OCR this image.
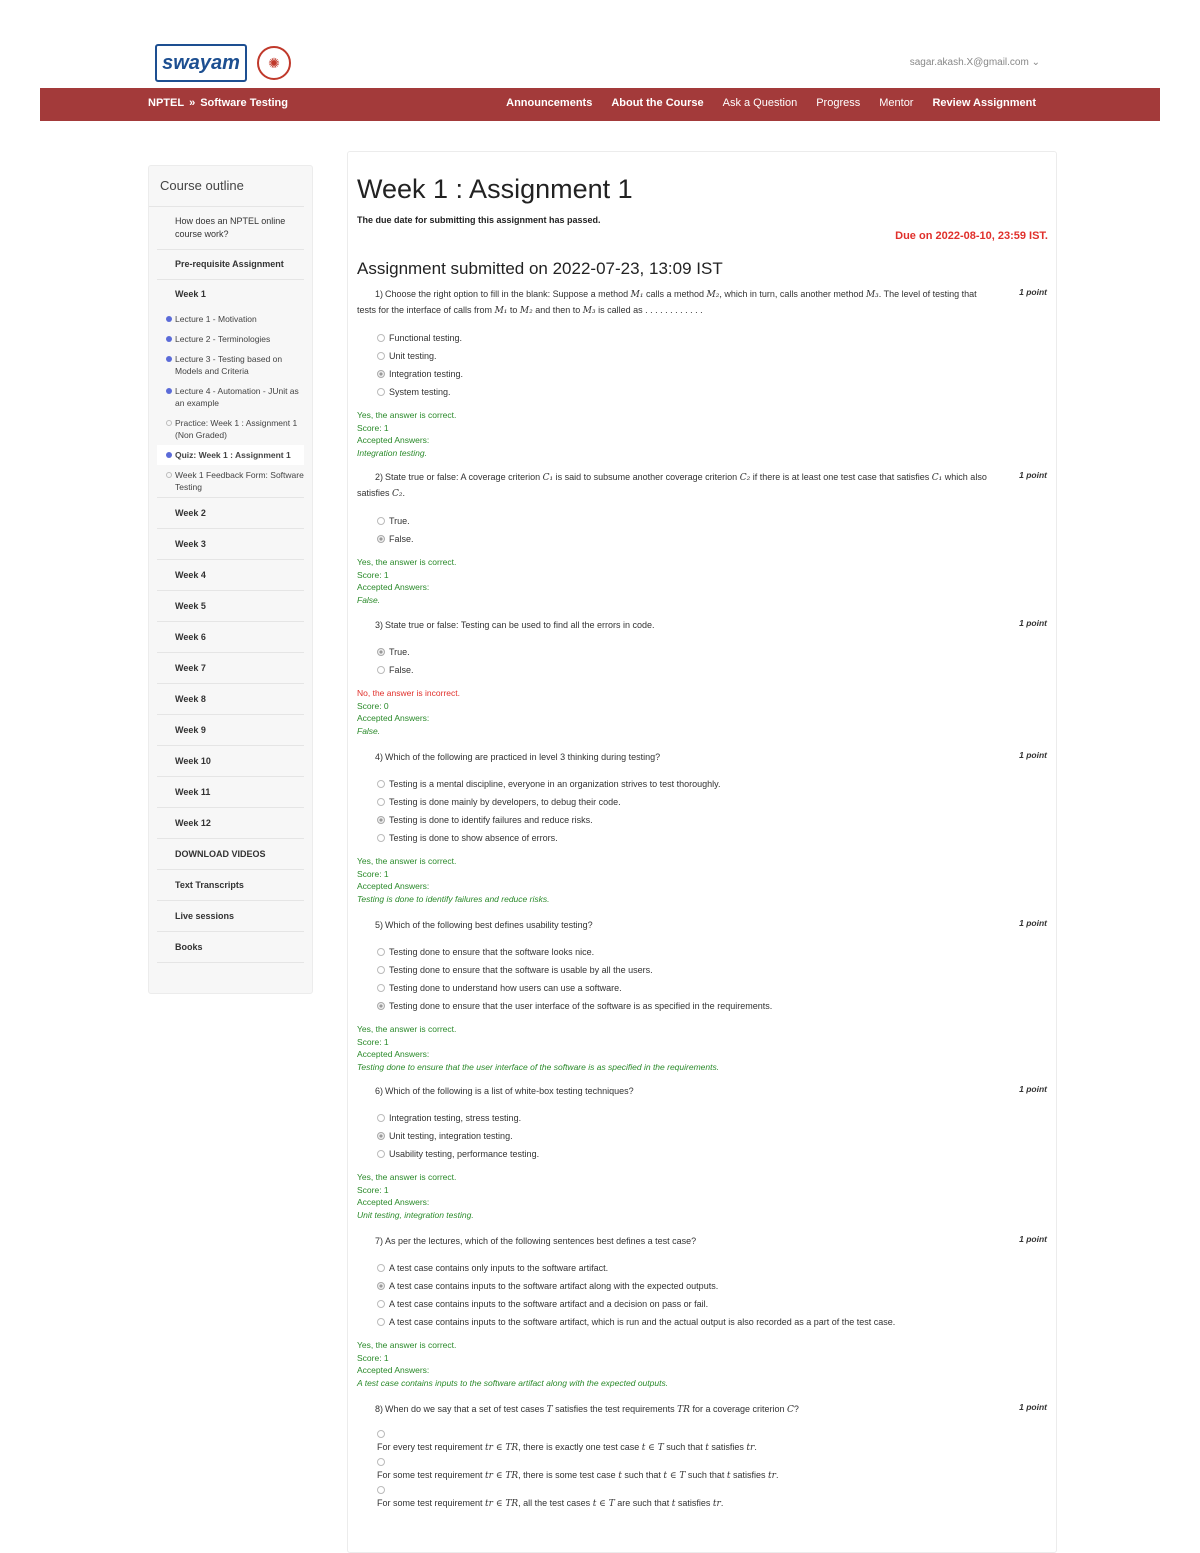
swayam	✺	sagar.akash.X@gmail.com ⌄
NPTEL » Software Testing	Announcements About the Course Ask a Question Progress Mentor Review Assignment
Course outline
How does an NPTEL online course work?
Pre-requisite Assignment
Week 1
Lecture 1 - Motivation
Lecture 2 - Terminologies
Lecture 3 - Testing based on Models and Criteria
Lecture 4 - Automation - JUnit as an example
Practice: Week 1 : Assignment 1 (Non Graded)
Quiz: Week 1 : Assignment 1
Week 1 Feedback Form: Software Testing
Week 2
Week 3
Week 4
Week 5
Week 6
Week 7
Week 8
Week 9
Week 10
Week 11
Week 12
DOWNLOAD VIDEOS
Text Transcripts
Live sessions
Books
Week 1 : Assignment 1
The due date for submitting this assignment has passed.
Due on 2022-08-10, 23:59 IST.
Assignment submitted on 2022-07-23, 13:09 IST
1) Choose the right option to fill in the blank: Suppose a method M₁ calls a method M₂, which in turn, calls another method M₃. The level of testing that tests for the interface of calls from M₁ to M₂ and then to M₃ is called as . . . . . . . . . . . .
1 point
Functional testing.
Unit testing.
Integration testing.
System testing.
Yes, the answer is correct.
Score: 1
Accepted Answers:
Integration testing.
2) State true or false: A coverage criterion C₁ is said to subsume another coverage criterion C₂ if there is at least one test case that satisfies C₁ which also satisfies C₂.
1 point
True.
False.
Yes, the answer is correct.
Score: 1
Accepted Answers:
False.
3) State true or false: Testing can be used to find all the errors in code.	1 point
True.
False.
No, the answer is incorrect.
Score: 0
Accepted Answers:
False.
4) Which of the following are practiced in level 3 thinking during testing?	1 point
Testing is a mental discipline, everyone in an organization strives to test thoroughly.
Testing is done mainly by developers, to debug their code.
Testing is done to identify failures and reduce risks.
Testing is done to show absence of errors.
Yes, the answer is correct.
Score: 1
Accepted Answers:
Testing is done to identify failures and reduce risks.
5) Which of the following best defines usability testing?	1 point
Testing done to ensure that the software looks nice.
Testing done to ensure that the software is usable by all the users.
Testing done to understand how users can use a software.
Testing done to ensure that the user interface of the software is as specified in the requirements.
Yes, the answer is correct.
Score: 1
Accepted Answers:
Testing done to ensure that the user interface of the software is as specified in the requirements.
6) Which of the following is a list of white-box testing techniques?	1 point
Integration testing, stress testing.
Unit testing, integration testing.
Usability testing, performance testing.
Yes, the answer is correct.
Score: 1
Accepted Answers:
Unit testing, integration testing.
7) As per the lectures, which of the following sentences best defines a test case?	1 point
A test case contains only inputs to the software artifact.
A test case contains inputs to the software artifact along with the expected outputs.
A test case contains inputs to the software artifact and a decision on pass or fail.
A test case contains inputs to the software artifact, which is run and the actual output is also recorded as a part of the test case.
Yes, the answer is correct.
Score: 1
Accepted Answers:
A test case contains inputs to the software artifact along with the expected outputs.
8) When do we say that a set of test cases T satisfies the test requirements TR for a coverage criterion C?	1 point
For every test requirement tr ∈ TR, there is exactly one test case t ∈ T such that t satisfies tr.
For some test requirement tr ∈ TR, there is some test case t such that t ∈ T such that t satisfies tr.
For some test requirement tr ∈ TR, all the test cases t ∈ T are such that t satisfies tr.
